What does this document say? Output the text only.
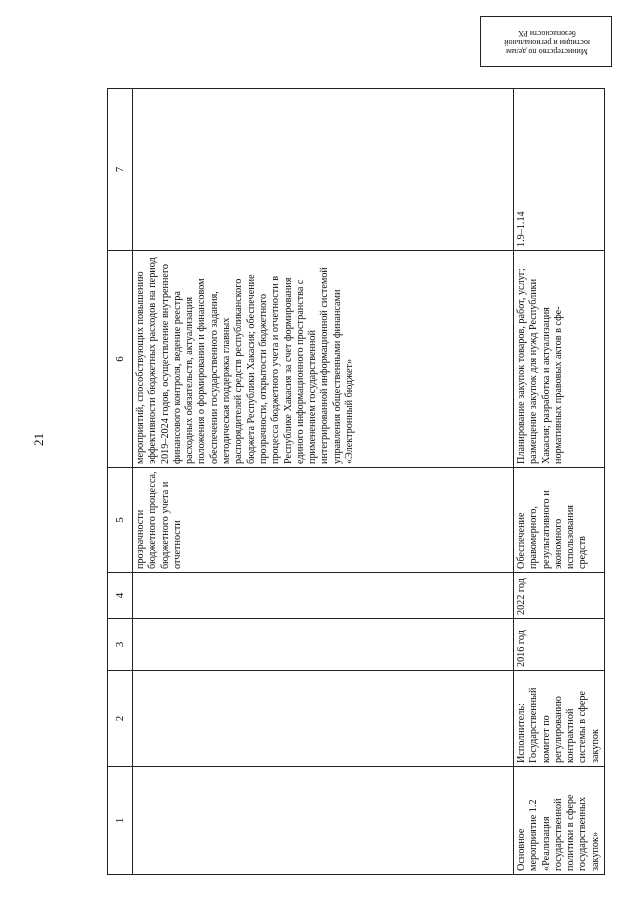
21
Министерство по делам
юстиции и региональной
безопасности РХ
1	2	3	4	5	6	7
				прозрачности бюджетного процесса, бюджетного учета и отчетности	мероприятий, способствующих повышению эффективности бюджетных расходов на период 2019–2024 годов, осуществление внутреннего финансового контроля, ведение реестра расходных обязательств, актуализация положения о формировании и финансовом обеспечении государственного задания, методическая поддержка главных распорядителей средств республиканского бюджета Республики Хакасия; обеспечение прозрачности, открытости бюджетного процесса бюджетного учета и отчетности в Республике Хакасия за счет формирования единого информационного пространства с применением государственной интегрированной информационной системой управления общественными финансами «Электронный бюджет»	
Основное мероприятие 1.2 «Реализация государственной политики в сфере государственных закупок»	Исполнитель: Государственный комитет по регулированию контрактной системы в сфере закупок	2016 год	2022 год	Обеспечение правомерного, результативного и экономного использования средств	Планирование закупок товаров, работ, услуг; размещение закупок для нужд Республики Хакасия; разработка и актуализация нормативных правовых актов в сфе-	1.9–1.14
